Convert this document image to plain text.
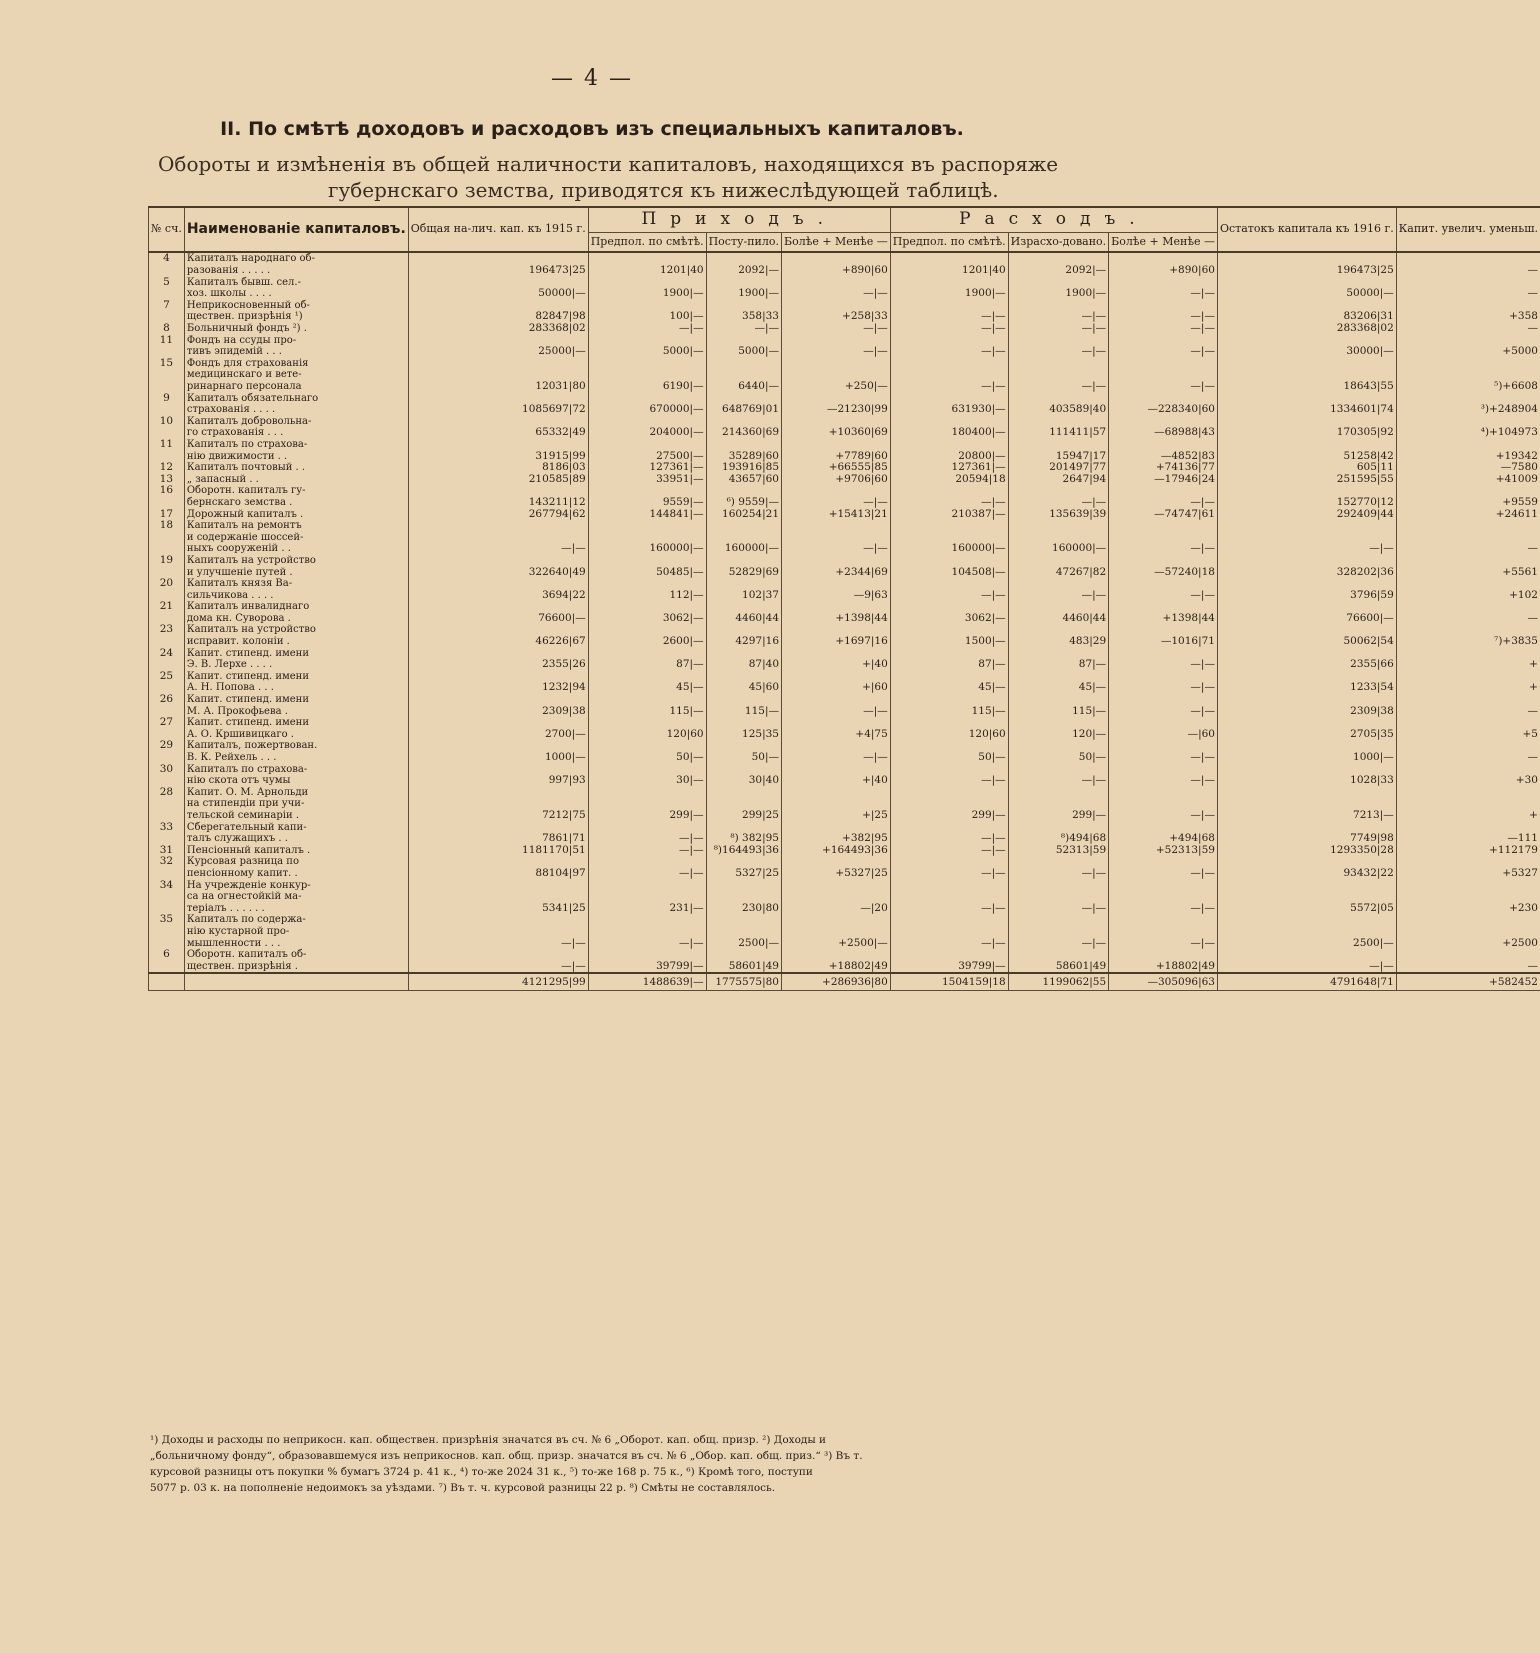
— 4 —
II. По смѣтѣ доходовъ и расходовъ изъ специальныхъ капиталовъ.
Обороты и измѣненія въ общей наличности капиталовъ, находящихся въ распоряже
губернскаго земства, приводятся къ нижеслѣдующей таблицѣ.
№ сч.	Наименованіе капиталовъ.	Общая на-лич. кап. къ 1915 г.	Приходъ.			Расходъ.			Остатокъ капитала къ 1916 г.	Капит. увелич. уменьш.
			Предпол. по смѣтѣ.	Посту-пило.	Болѣе + Менѣе —	Предпол. по смѣтѣ.	Израсхо-довано.	Болѣе + Менѣе —		
4	Капиталъ народнаго об-									
	разованія . . . . .	196473|25	1201|40	2092|—	+890|60	1201|40	2092|—	+890|60	196473|25	—
5	Капиталъ бывш. сел.-									
	хоз. школы . . . .	50000|—	1900|—	1900|—	—|—	1900|—	1900|—	—|—	50000|—	—
7	Неприкосновенный об-									
	ществен. призрѣнія ¹)	82847|98	100|—	358|33	+258|33	—|—	—|—	—|—	83206|31	+358
8	Больничный фондъ ²) .	283368|02	—|—	—|—	—|—	—|—	—|—	—|—	283368|02	—
11	Фондъ на ссуды про-									
	тивъ эпидемій . . .	25000|—	5000|—	5000|—	—|—	—|—	—|—	—|—	30000|—	+5000
15	Фондъ для страхованія									
	медицинскаго и вете-									
	ринарнаго персонала	12031|80	6190|—	6440|—	+250|—	—|—	—|—	—|—	18643|55	⁵)+6608
9	Капиталъ обязательнаго									
	страхованія . . . .	1085697|72	670000|—	648769|01	—21230|99	631930|—	403589|40	—228340|60	1334601|74	³)+248904
10	Капиталъ добровольна-									
	го страхованія . . .	65332|49	204000|—	214360|69	+10360|69	180400|—	111411|57	—68988|43	170305|92	⁴)+104973
11	Капиталъ по страхова-									
	нію движимости . .	31915|99	27500|—	35289|60	+7789|60	20800|—	15947|17	—4852|83	51258|42	+19342
12	Капиталъ почтовый . .	8186|03	127361|—	193916|85	+66555|85	127361|—	201497|77	+74136|77	605|11	—7580
13	„ запасный . .	210585|89	33951|—	43657|60	+9706|60	20594|18	2647|94	—17946|24	251595|55	+41009
16	Оборотн. капиталъ гу-									
	бернскаго земства .	143211|12	9559|—	⁶) 9559|—	—|—	—|—	—|—	—|—	152770|12	+9559
17	Дорожный капиталъ .	267794|62	144841|—	160254|21	+15413|21	210387|—	135639|39	—74747|61	292409|44	+24611
18	Капиталъ на ремонтъ									
	и содержаніе шоссей-									
	ныхъ сооруженій . .	—|—	160000|—	160000|—	—|—	160000|—	160000|—	—|—	—|—	—
19	Капиталъ на устройство									
	и улучшеніе путей .	322640|49	50485|—	52829|69	+2344|69	104508|—	47267|82	—57240|18	328202|36	+5561
20	Капиталъ князя Ва-									
	сильчикова . . . .	3694|22	112|—	102|37	—9|63	—|—	—|—	—|—	3796|59	+102
21	Капиталъ инвалиднаго									
	дома кн. Суворова .	76600|—	3062|—	4460|44	+1398|44	3062|—	4460|44	+1398|44	76600|—	—
23	Капиталъ на устройство									
	исправит. колоніи .	46226|67	2600|—	4297|16	+1697|16	1500|—	483|29	—1016|71	50062|54	⁷)+3835
24	Капит. стипенд. имени									
	Э. В. Лерхе . . . .	2355|26	87|—	87|40	+|40	87|—	87|—	—|—	2355|66	+
25	Капит. стипенд. имени									
	А. Н. Попова . . .	1232|94	45|—	45|60	+|60	45|—	45|—	—|—	1233|54	+
26	Капит. стипенд. имени									
	М. А. Прокофьева .	2309|38	115|—	115|—	—|—	115|—	115|—	—|—	2309|38	—
27	Капит. стипенд. имени									
	А. О. Кршивицкаго .	2700|—	120|60	125|35	+4|75	120|60	120|—	—|60	2705|35	+5
29	Капиталъ, пожертвован.									
	В. К. Рейхель . . .	1000|—	50|—	50|—	—|—	50|—	50|—	—|—	1000|—	—
30	Капиталъ по страхова-									
	нію скота отъ чумы	997|93	30|—	30|40	+|40	—|—	—|—	—|—	1028|33	+30
28	Капит. О. М. Арнольди									
	на стипендіи при учи-									
	тельской семинаріи .	7212|75	299|—	299|25	+|25	299|—	299|—	—|—	7213|—	+
33	Сберегательный капи-									
	талъ служащихъ . .	7861|71	—|—	⁸) 382|95	+382|95	—|—	⁸)494|68	+494|68	7749|98	—111
31	Пенсіонный капиталъ .	1181170|51	—|—	⁸)164493|36	+164493|36	—|—	52313|59	+52313|59	1293350|28	+112179
32	Курсовая разница по									
	пенсіонному капит. .	88104|97	—|—	5327|25	+5327|25	—|—	—|—	—|—	93432|22	+5327
34	На учрежденіе конкур-									
	са на огнестойкій ма-									
	теріалъ . . . . . .	5341|25	231|—	230|80	—|20	—|—	—|—	—|—	5572|05	+230
35	Капиталъ по содержа-									
	нію кустарной про-									
	мышленности . . .	—|—	—|—	2500|—	+2500|—	—|—	—|—	—|—	2500|—	+2500
6	Оборотн. капиталъ об-									
	ществен. призрѣнія .	—|—	39799|—	58601|49	+18802|49	39799|—	58601|49	+18802|49	—|—	—
		4121295|99	1488639|—	1775575|80	+286936|80	1504159|18	1199062|55	—305096|63	4791648|71	+582452
¹) Доходы и расходы по неприкосн. кап. обществен. призрѣнія значатся въ сч. № 6 „Оборот. кап. общ. призр. ²) Доходы и
„больничному фонду“, образовавшемуся изъ неприкоснов. кап. общ. призр. значатся въ сч. № 6 „Обор. кап. общ. приз.“ ³) Въ т.
курсовой разницы отъ покупки % бумагъ 3724 р. 41 к., ⁴) то-же 2024 31 к., ⁵) то-же 168 р. 75 к., ⁶) Кромѣ того, поступи
5077 р. 03 к. на пополненіе недоимокъ за уѣздами. ⁷) Въ т. ч. курсовой разницы 22 р. ⁸) Смѣты не составлялось.
